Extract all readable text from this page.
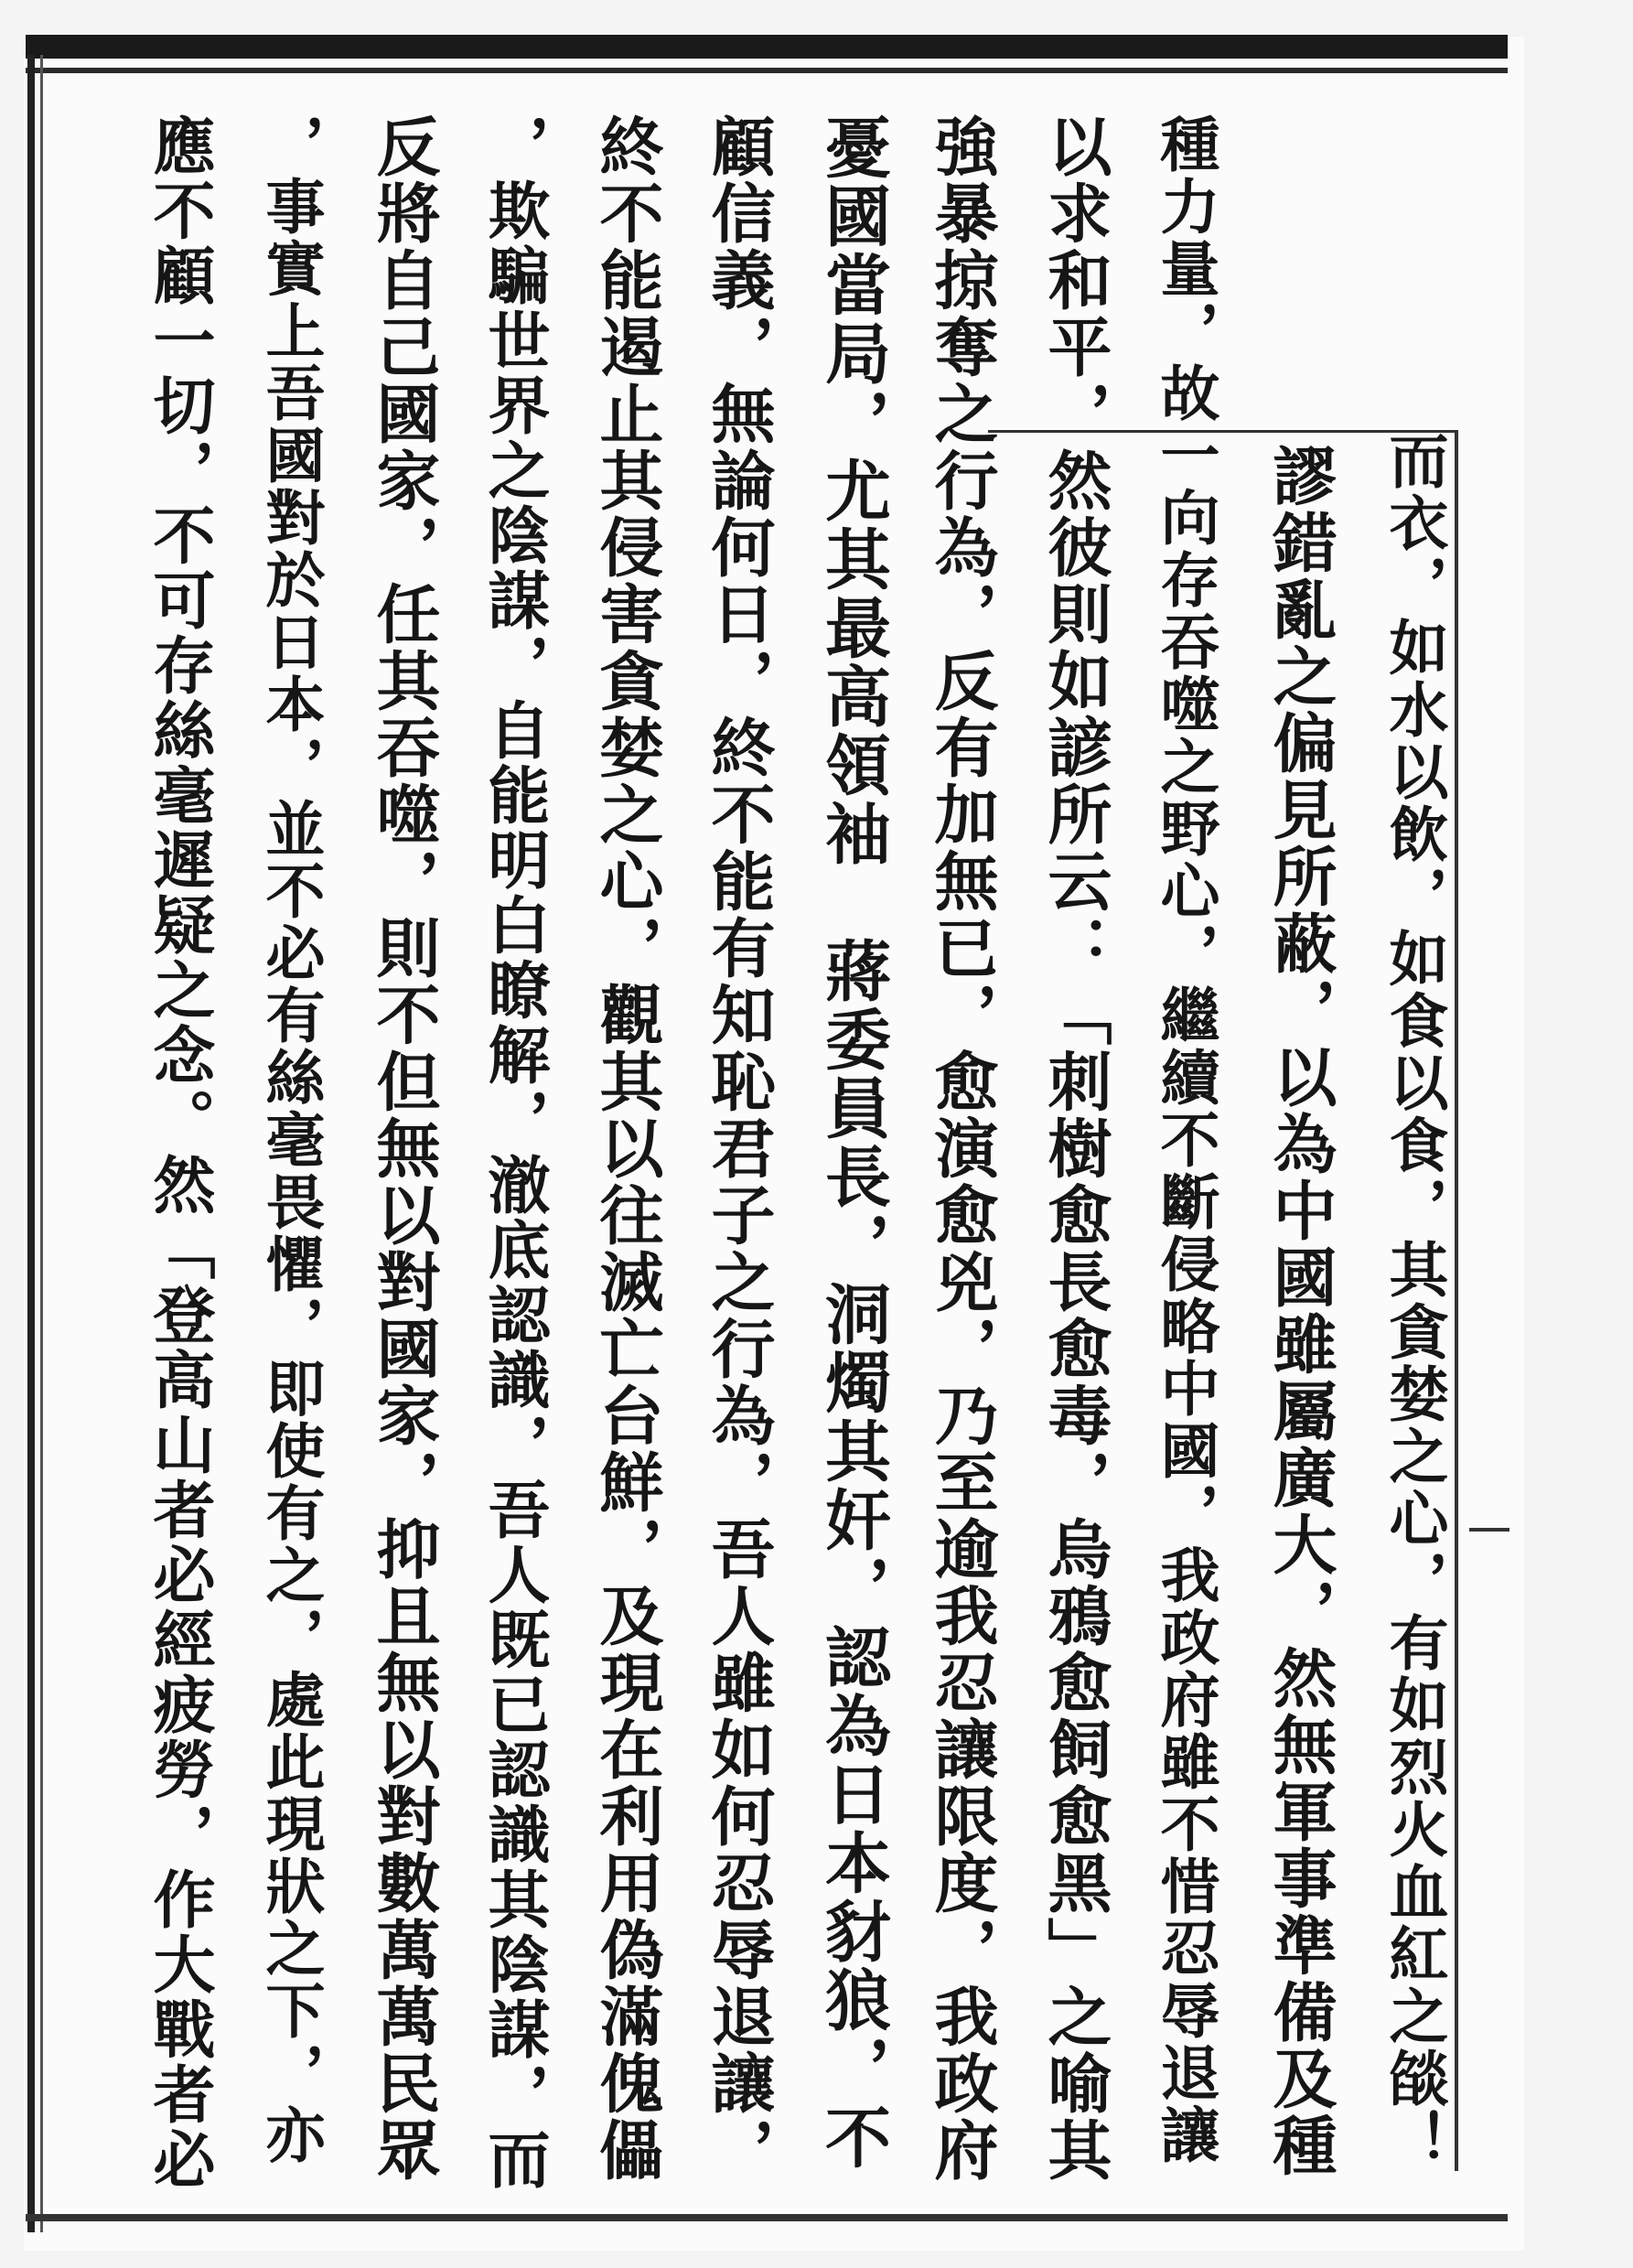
而衣，如水以飲，如食以食，其貪婪之心，有如烈火血紅之燄！
謬錯亂之偏見所蔽，以為中國雖屬廣大，然無軍事準備及種
種力量，故一向存吞噬之野心，繼續不斷侵略中國，我政府雖不惜忍辱退讓
以求和平，然彼則如諺所云：「刺樹愈長愈毒，烏鴉愈飼愈黑」之喻其
強暴掠奪之行為，反有加無已，愈演愈兇，乃至逾我忍讓限度，我政府
憂國當局，尤其最高領袖　蔣委員長，洞燭其奸，認為日本豺狼，不
顧信義，無論何日，終不能有知恥君子之行為，吾人雖如何忍辱退讓，
終不能遏止其侵害貪婪之心，觀其以往滅亡台鮮，及現在利用偽滿傀儡
，欺騙世界之陰謀，自能明白瞭解，澈底認識，吾人既已認識其陰謀，而
反將自己國家，任其吞噬，則不但無以對國家，抑且無以對數萬萬民眾
，事實上吾國對於日本，並不必有絲毫畏懼，即使有之，處此現狀之下，亦
應不顧一切，不可存絲毫遲疑之念。然「登高山者必經疲勞，作大戰者必
